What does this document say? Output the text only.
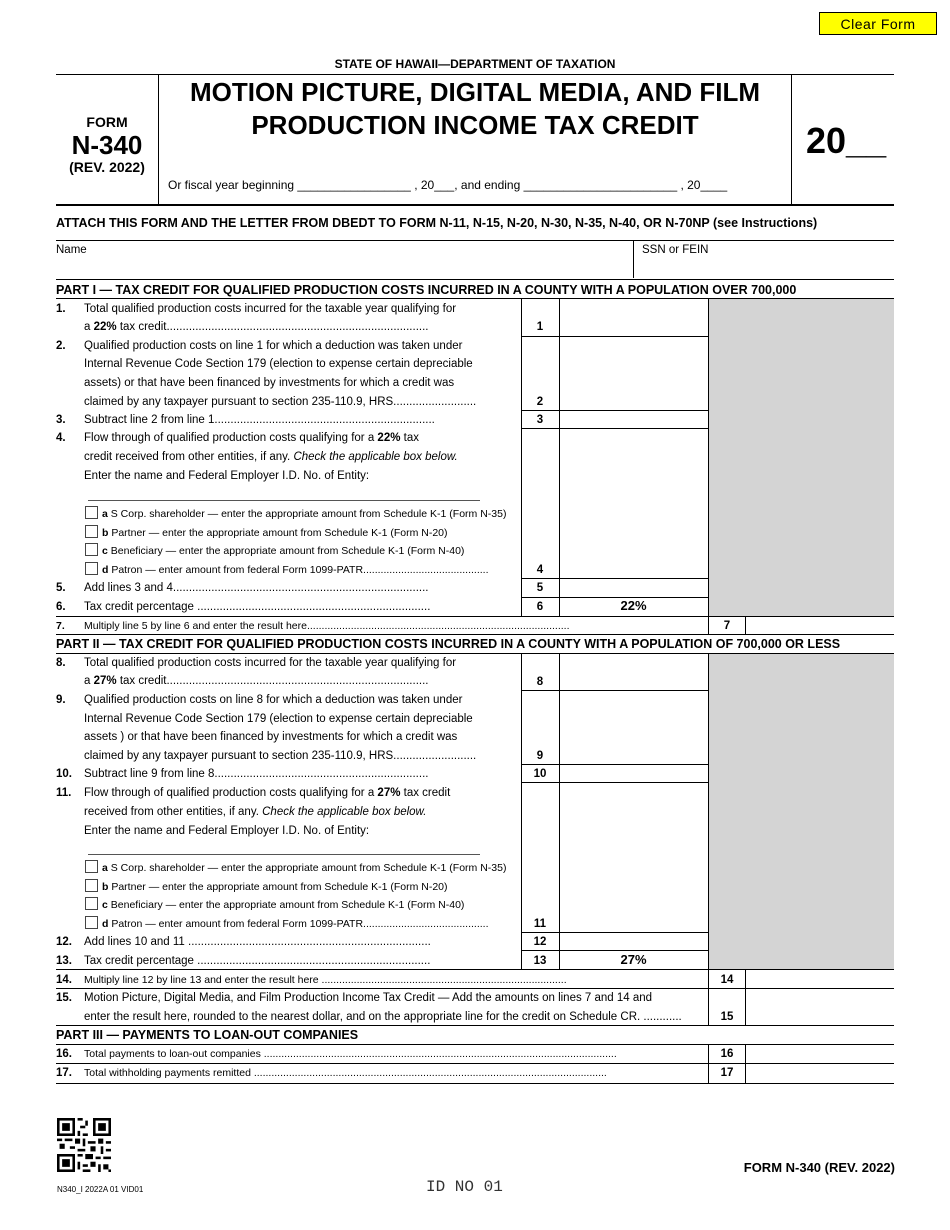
Clear Form
STATE OF HAWAII—DEPARTMENT OF TAXATION
FORM
N-340
(REV. 2022)
MOTION PICTURE, DIGITAL MEDIA, AND FILM
PRODUCTION INCOME TAX CREDIT
Or fiscal year beginning _________________ , 20___, and ending _______________________ , 20____
20__
ATTACH THIS FORM AND THE LETTER FROM DBEDT TO FORM N-11, N-15, N-20, N-30, N-35, N-40, OR N-70NP (see Instructions)
Name	SSN or FEIN
PART I — TAX CREDIT FOR QUALIFIED PRODUCTION COSTS INCURRED IN A COUNTY WITH A POPULATION OVER 700,000
1. Total qualified production costs incurred for the taxable year qualifying for
a 22% tax credit..................................................................................	1
2. Qualified production costs on line 1 for which a deduction was taken under
Internal Revenue Code Section 179 (election to expense certain depreciable
assets) or that have been financed by investments for which a credit was
claimed by any taxpayer pursuant to section 235-110.9, HRS..........................	2
3. Subtract line 2 from line 1.....................................................................	3
4. Flow through of qualified production costs qualifying for a 22% tax
credit received from other entities, if any. Check the applicable box below.
Enter the name and Federal Employer I.D. No. of Entity:
a S Corp. shareholder — enter the appropriate amount from Schedule K-1 (Form N-35)
b Partner — enter the appropriate amount from Schedule K-1 (Form N-20)
c Beneficiary — enter the appropriate amount from Schedule K-1 (Form N-40)
d Patron — enter amount from federal Form 1099-PATR...........................................	4
5. Add lines 3 and 4................................................................................	5
6. Tax credit percentage .........................................................................	6	22%
7. Multiply line 5 by line 6 and enter the result here..........................................................................................	7
PART II — TAX CREDIT FOR QUALIFIED PRODUCTION COSTS INCURRED IN A COUNTY WITH A POPULATION OF 700,000 OR LESS
8. Total qualified production costs incurred for the taxable year qualifying for
a 27% tax credit..................................................................................	8
9. Qualified production costs on line 8 for which a deduction was taken under
Internal Revenue Code Section 179 (election to expense certain depreciable
assets ) or that have been financed by investments for which a credit was
claimed by any taxpayer pursuant to section 235-110.9, HRS..........................	9
10. Subtract line 9 from line 8...................................................................	10
11. Flow through of qualified production costs qualifying for a 27% tax credit
received from other entities, if any. Check the applicable box below.
Enter the name and Federal Employer I.D. No. of Entity:
a S Corp. shareholder — enter the appropriate amount from Schedule K-1 (Form N-35)
b Partner — enter the appropriate amount from Schedule K-1 (Form N-20)
c Beneficiary — enter the appropriate amount from Schedule K-1 (Form N-40)
d Patron — enter amount from federal Form 1099-PATR...........................................	11
12. Add lines 10 and 11 ............................................................................	12
13. Tax credit percentage .........................................................................	13	27%
14. Multiply line 12 by line 13 and enter the result here ....................................................................................	14
15. Motion Picture, Digital Media, and Film Production Income Tax Credit — Add the amounts on lines 7 and 14 and
enter the result here, rounded to the nearest dollar, and on the appropriate line for the credit on Schedule CR. ............	15
PART III — PAYMENTS TO LOAN-OUT COMPANIES
16. Total payments to loan-out companies .........................................................................................................................	16
17. Total withholding payments remitted .........................................................................................................................	17
FORM N-340 (REV. 2022)
N340_I 2022A 01 VID01	ID NO 01
